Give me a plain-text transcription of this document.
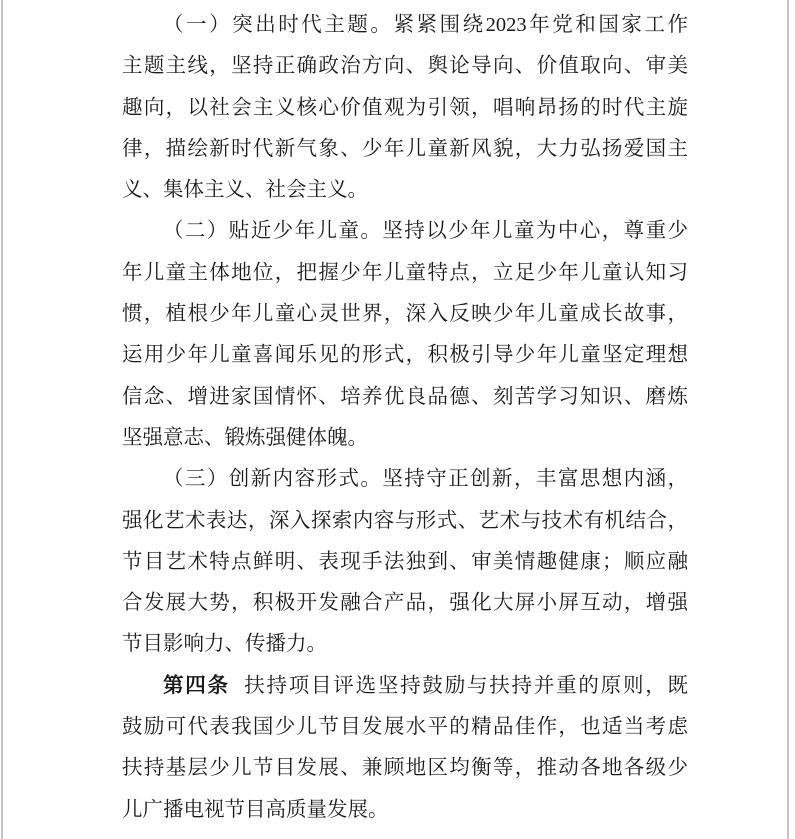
（一）突出时代主题。紧紧围绕2023年党和国家工作
主题主线，坚持正确政治方向、舆论导向、价值取向、审美
趣向，以社会主义核心价值观为引领，唱响昂扬的时代主旋
律，描绘新时代新气象、少年儿童新风貌，大力弘扬爱国主
义、集体主义、社会主义。
（二）贴近少年儿童。坚持以少年儿童为中心，尊重少
年儿童主体地位，把握少年儿童特点，立足少年儿童认知习
惯，植根少年儿童心灵世界，深入反映少年儿童成长故事，
运用少年儿童喜闻乐见的形式，积极引导少年儿童坚定理想
信念、增进家国情怀、培养优良品德、刻苦学习知识、磨炼
坚强意志、锻炼强健体魄。
（三）创新内容形式。坚持守正创新，丰富思想内涵，
强化艺术表达，深入探索内容与形式、艺术与技术有机结合，
节目艺术特点鲜明、表现手法独到、审美情趣健康；顺应融
合发展大势，积极开发融合产品，强化大屏小屏互动，增强
节目影响力、传播力。
第四条 扶持项目评选坚持鼓励与扶持并重的原则，既
鼓励可代表我国少儿节目发展水平的精品佳作，也适当考虑
扶持基层少儿节目发展、兼顾地区均衡等，推动各地各级少
儿广播电视节目高质量发展。
